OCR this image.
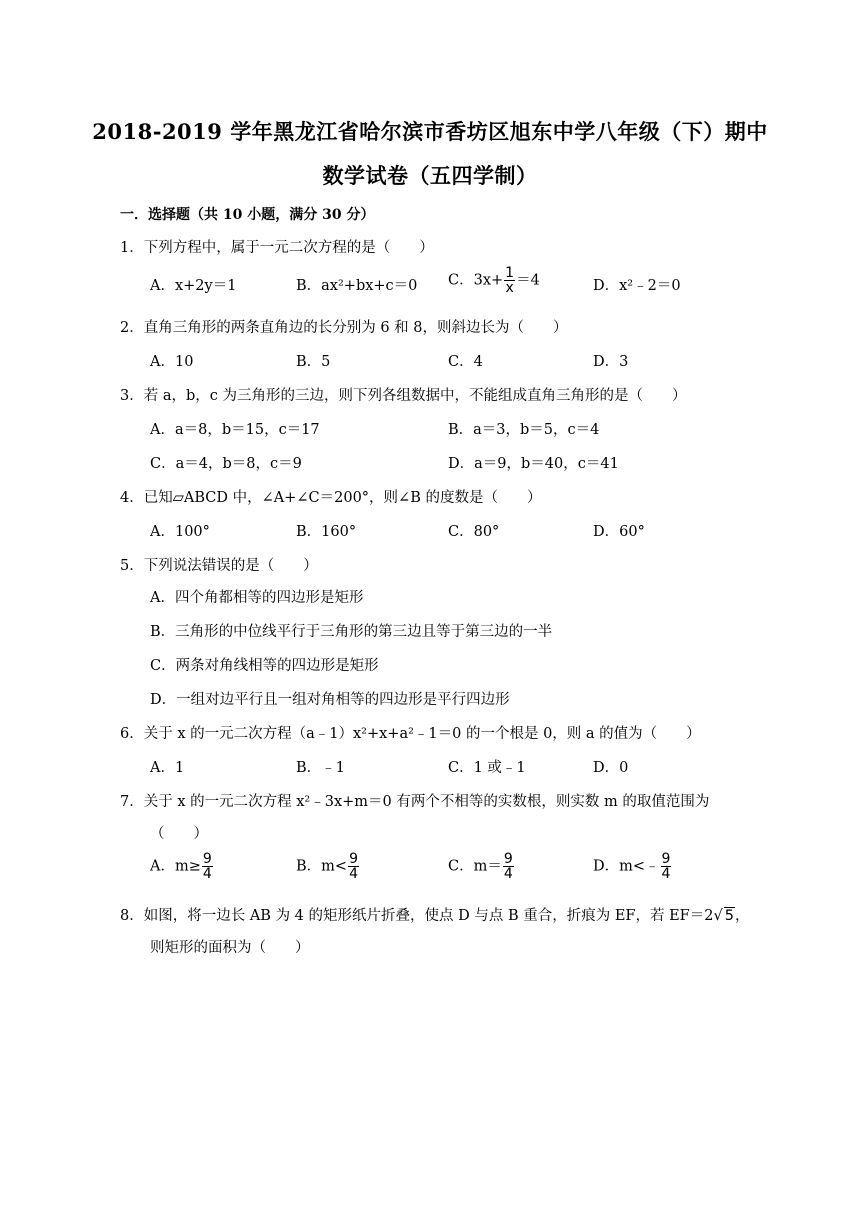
2018-2019 学年黑龙江省哈尔滨市香坊区旭东中学八年级（下）期中
数学试卷（五四学制）
一．选择题（共 10 小题，满分 30 分）
1．下列方程中，属于一元二次方程的是（　　）
A．x+2y＝1	B．ax²+bx+c＝0 C．$3x+ \frac{1}{x} =4$	D．x²﹣2＝0
2．直角三角形的两条直角边的长分别为 6 和 8，则斜边长为（　　）
A．10	B．5	C．4	D．3
3．若 a，b，c 为三角形的三边，则下列各组数据中，不能组成直角三角形的是（　　）
A．a＝8，b＝15，c＝17	B．a＝3，b＝5，c＝4
C．a＝4，b＝8，c＝9	D．a＝9，b＝40，c＝41
4．已知▱ABCD 中，∠A+∠C＝200°，则∠B 的度数是（　　）
A．100°	B．160°	C．80°	D．60°
5．下列说法错误的是（　　）
A．四个角都相等的四边形是矩形
B．三角形的中位线平行于三角形的第三边且等于第三边的一半
C．两条对角线相等的四边形是矩形
D．一组对边平行且一组对角相等的四边形是平行四边形
6．关于 x 的一元二次方程（a﹣1）x²+x+a²﹣1＝0 的一个根是 0，则 a 的值为（　　）
A．1	B．﹣1	C．1 或﹣1	D．0
7．关于 x 的一元二次方程 x²﹣3x+m＝0 有两个不相等的实数根，则实数 m 的取值范围为
（　　）
A．$m\ge \frac{9}{4}$	B．$m< \frac{9}{4}$	C．$m= \frac{9}{4}$	D．m<﹣ $\frac{9}{4}$
8．如图，将一边长 AB 为 4 的矩形纸片折叠，使点 D 与点 B 重合，折痕为 EF，若 EF＝2√ 5，
则矩形的面积为（　　）
